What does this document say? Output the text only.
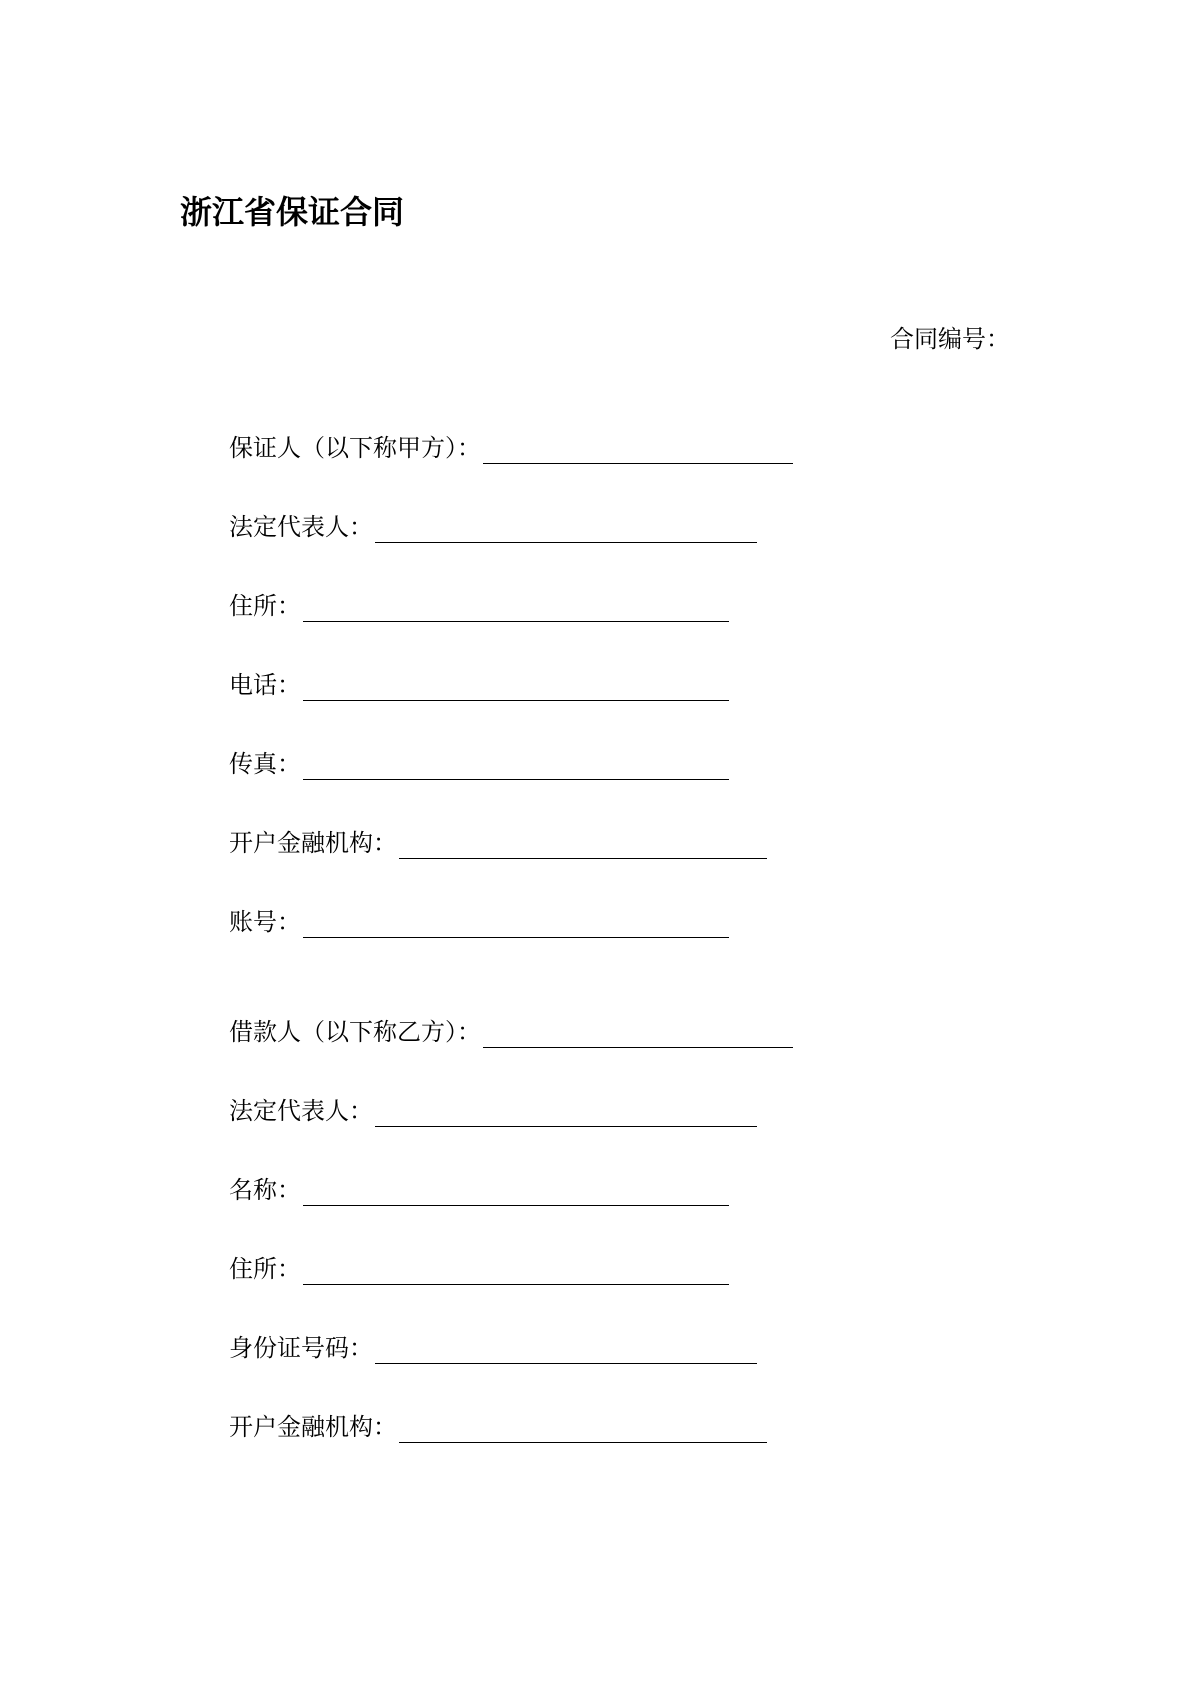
浙江省保证合同
合同编号：
保证人（以下称甲方）：
法定代表人：
住所：
电话：
传真：
开户金融机构：
账号：
借款人（以下称乙方）：
法定代表人：
名称：
住所：
身份证号码：
开户金融机构：
